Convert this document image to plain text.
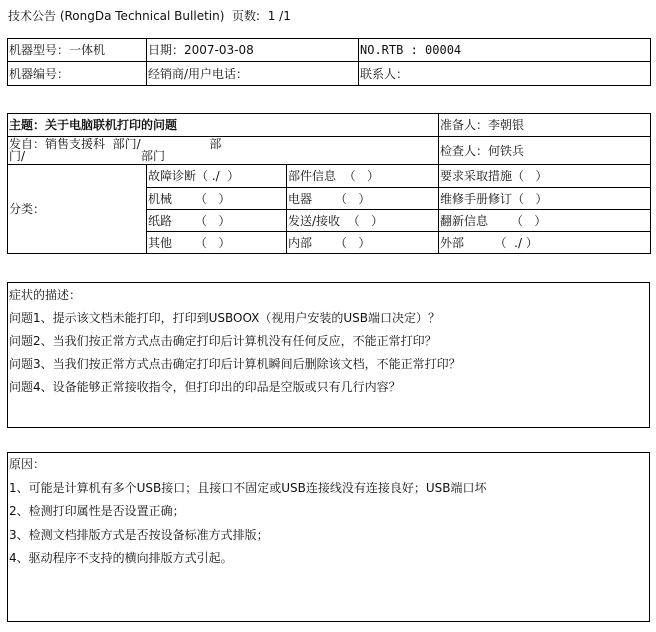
技术公告 (RongDa Technical Bulletin)  页数:  1 /1
机器型号：一体机	日期：2007-03-08	NO.RTB : 00004
机器编号：	经销商/用户电话：	联系人：
主题：关于电脑联机打印的问题			准备人：李朝银

发自：销售支援科  部门/                  部
门/ 部门			检查人：何铁兵
分类：	故障诊断（ ./  ）	部件信息  （   ）	要求采取措施（   ）
	机械      （   ）	电器      （   ）	维修手册修订（   ）
	纸路      （   ）	发送/接收  （   ）	翻新信息      （   ）
	其他      （   ）	内部      （   ）	外部        （  ./ ）
症状的描述：
问题1、提示该文档未能打印，打印到USBOOX（视用户安装的USB端口决定）？
问题2、当我们按正常方式点击确定打印后计算机没有任何反应，不能正常打印？
问题3、当我们按正常方式点击确定打印后计算机瞬间后删除该文档，不能正常打印？
问题4、设备能够正常接收指令，但打印出的印品是空版或只有几行内容？
原因：
1、可能是计算机有多个USB接口；且接口不固定或USB连接线没有连接良好；USB端口坏
2、检测打印属性是否设置正确；
3、检测文档排版方式是否按设备标准方式排版；
4、驱动程序不支持的横向排版方式引起。
